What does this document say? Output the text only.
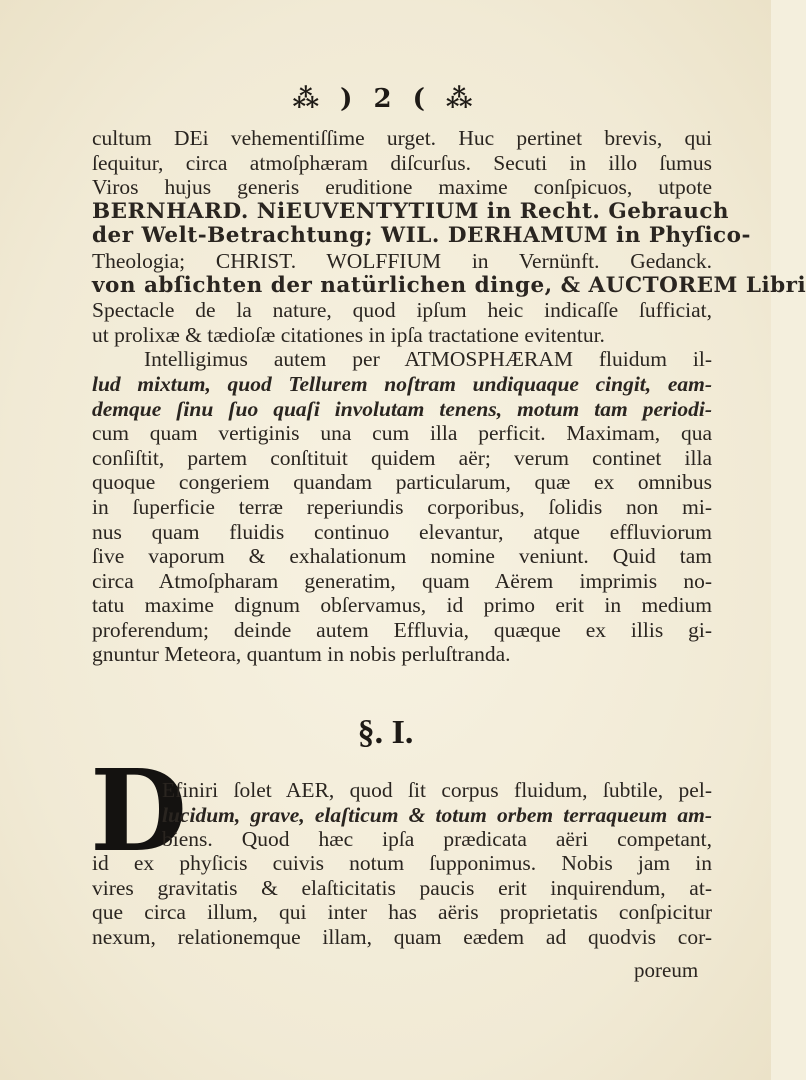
⁂ ) 2 ( ⁂
cultum DEi vehementiſſime urget. Huc pertinet brevis, qui
ſequitur, circa atmoſphæram diſcurſus. Secuti in illo ſumus
Viros hujus generis eruditione maxime conſpicuos, utpote
BERNHARD. NiEUVENTYTIUM in Recht. Gebrauch
der Welt-Betrachtung; WIL. DERHAMUM in Phyſico-
Theologia; CHRIST. WOLFFIUM in Vernünft. Gedanck.
von abſichten der natürlichen dinge, & AUCTOREM Libri
Spectacle de la nature, quod ipſum heic indicaſſe ſufficiat,
ut prolixæ & tædioſæ citationes in ipſa tractatione evitentur.
Intelligimus autem per ATMOSPHÆRAM fluidum il-
lud mixtum, quod Tellurem noſtram undiquaque cingit, eam-
demque ſinu ſuo quaſi involutam tenens, motum tam periodi-
cum quam vertiginis una cum illa perficit. Maximam, qua
conſiſtit, partem conſtituit quidem aër; verum continet illa
quoque congeriem quandam particularum, quæ ex omnibus
in ſuperficie terræ reperiundis corporibus, ſolidis non mi-
nus quam fluidis continuo elevantur, atque effluviorum
ſive vaporum & exhalationum nomine veniunt. Quid tam
circa Atmoſpharam generatim, quam Aërem imprimis no-
tatu maxime dignum obſervamus, id primo erit in medium
proferendum; deinde autem Effluvia, quæque ex illis gi-
gnuntur Meteora, quantum in nobis perluſtranda.
§. I.
D
Efiniri ſolet AER, quod ſit corpus fluidum, ſubtile, pel-
lucidum, grave, elaſticum & totum orbem terraqueum am-
biens. Quod hæc ipſa prædicata aëri competant,
id ex phyſicis cuivis notum ſupponimus. Nobis jam in
vires gravitatis & elaſticitatis paucis erit inquirendum, at-
que circa illum, qui inter has aëris proprietatis conſpicitur
nexum, relationemque illam, quam eædem ad quodvis cor-
poreum
